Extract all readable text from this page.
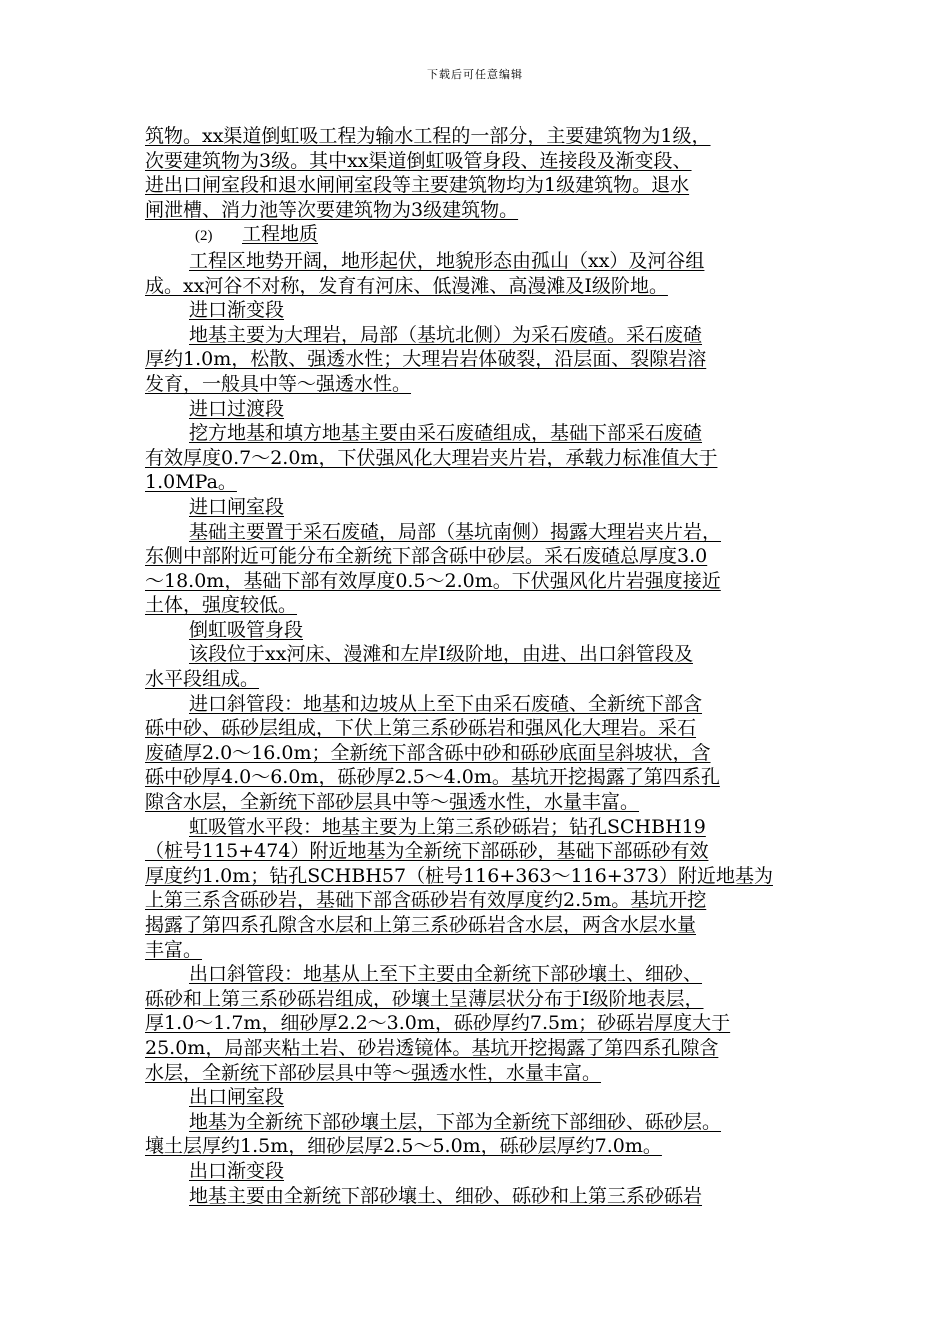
下载后可任意编辑
筑物。xx渠道倒虹吸工程为输水工程的一部分，主要建筑物为1级，
次要建筑物为3级。其中xx渠道倒虹吸管身段、连接段及渐变段、
进出口闸室段和退水闸闸室段等主要建筑物均为1级建筑物。退水
闸泄槽、消力池等次要建筑物为3级建筑物。
(2) 工程地质
工程区地势开阔，地形起伏，地貌形态由孤山（xx）及河谷组
成。xx河谷不对称，发育有河床、低漫滩、高漫滩及Ⅰ级阶地。
进口渐变段
地基主要为大理岩，局部（基坑北侧）为采石废碴。采石废碴
厚约1.0m，松散、强透水性；大理岩岩体破裂，沿层面、裂隙岩溶
发育，一般具中等～强透水性。
进口过渡段
挖方地基和填方地基主要由采石废碴组成，基础下部采石废碴
有效厚度0.7～2.0m，下伏强风化大理岩夹片岩，承载力标准值大于
1.0MPa。
进口闸室段
基础主要置于采石废碴，局部（基坑南侧）揭露大理岩夹片岩，
东侧中部附近可能分布全新统下部含砾中砂层。采石废碴总厚度3.0
～18.0m，基础下部有效厚度0.5～2.0m。下伏强风化片岩强度接近
土体，强度较低。
倒虹吸管身段
该段位于xx河床、漫滩和左岸Ⅰ级阶地，由进、出口斜管段及
水平段组成。
进口斜管段：地基和边坡从上至下由采石废碴、全新统下部含
砾中砂、砾砂层组成，下伏上第三系砂砾岩和强风化大理岩。采石
废碴厚2.0～16.0m；全新统下部含砾中砂和砾砂底面呈斜坡状，含
砾中砂厚4.0～6.0m，砾砂厚2.5～4.0m。基坑开挖揭露了第四系孔
隙含水层，全新统下部砂层具中等～强透水性，水量丰富。
虹吸管水平段：地基主要为上第三系砂砾岩；钻孔SCHBH19
（桩号115+474）附近地基为全新统下部砾砂，基础下部砾砂有效
厚度约1.0m；钻孔SCHBH57（桩号116+363～116+373）附近地基为
上第三系含砾砂岩，基础下部含砾砂岩有效厚度约2.5m。基坑开挖
揭露了第四系孔隙含水层和上第三系砂砾岩含水层，两含水层水量
丰富。
出口斜管段：地基从上至下主要由全新统下部砂壤土、细砂、
砾砂和上第三系砂砾岩组成，砂壤土呈薄层状分布于I级阶地表层，
厚1.0～1.7m，细砂厚2.2～3.0m，砾砂厚约7.5m；砂砾岩厚度大于
25.0m，局部夹粘土岩、砂岩透镜体。基坑开挖揭露了第四系孔隙含
水层，全新统下部砂层具中等～强透水性，水量丰富。
出口闸室段
地基为全新统下部砂壤土层，下部为全新统下部细砂、砾砂层。
壤土层厚约1.5m，细砂层厚2.5～5.0m，砾砂层厚约7.0m。
出口渐变段
地基主要由全新统下部砂壤土、细砂、砾砂和上第三系砂砾岩
